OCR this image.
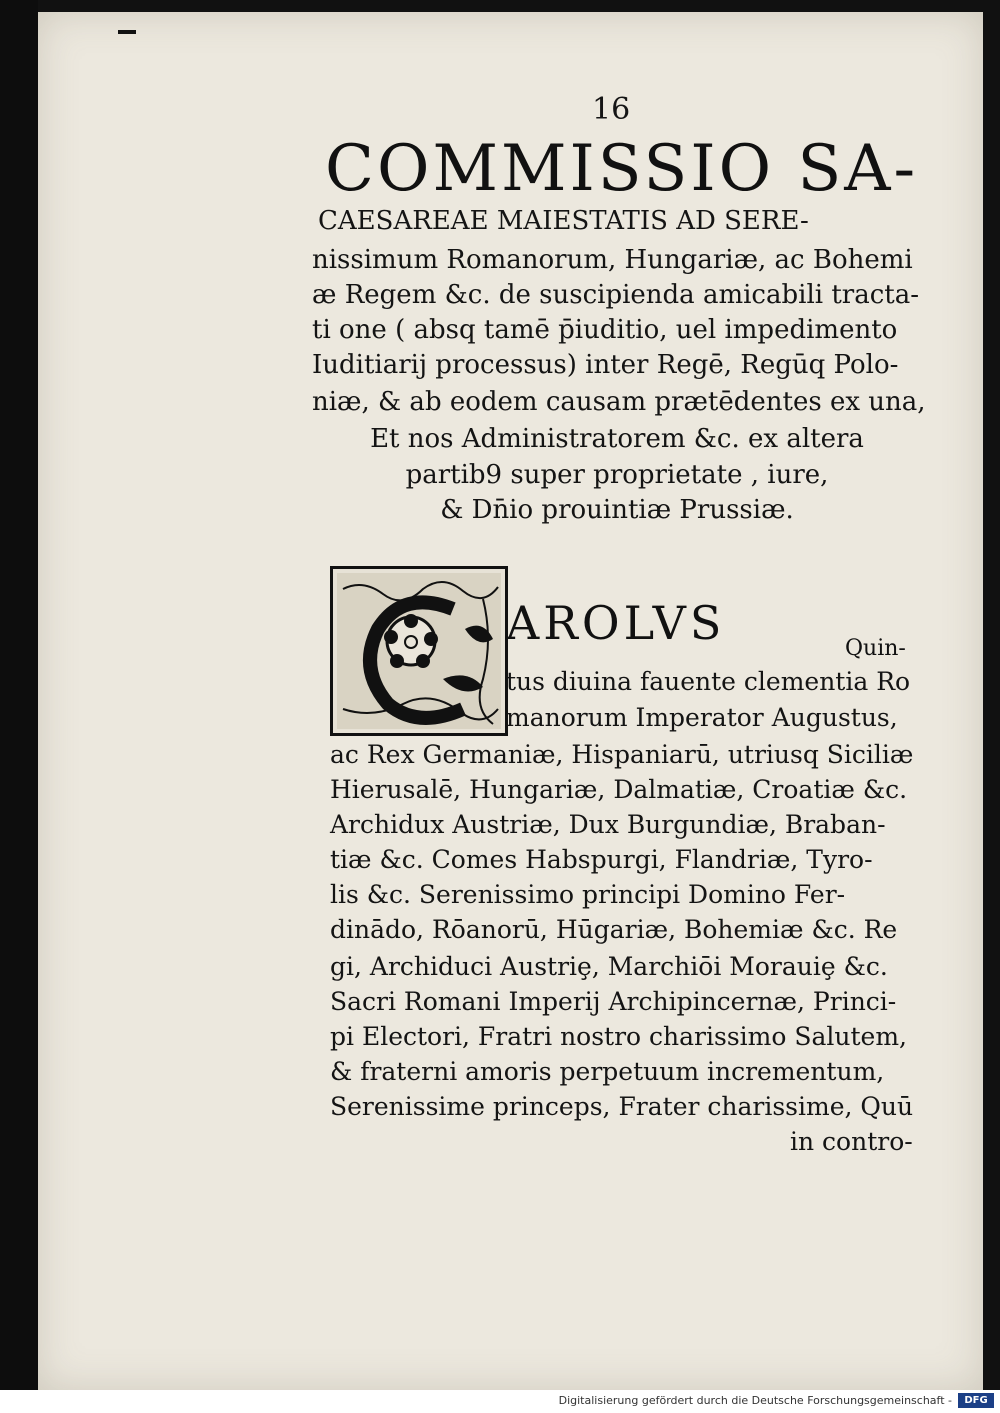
16
COMMISSIO SA-
CAESAREAE MAIESTATIS AD SERE-
nissimum Romanorum, Hungariæ, ac Bohemi
æ Regem &c. de suscipienda amicabili tracta-
ti one ( absq tamē p̄iuditio, uel impedimento
Iuditiarij processus) inter Regē, Regūq Polo-
niæ, & ab eodem causam prætēdentes ex una,
Et nos Administratorem &c. ex altera
partib9 super proprietate , iure,
& Dn̄io prouintiæ Prussiæ.
AROLVS	Quin-
tus diuina fauente clementia Ro
manorum Imperator Augustus,
ac Rex Germaniæ, Hispaniarū, utriusq Siciliæ
Hierusalē, Hungariæ, Dalmatiæ, Croatiæ &c.
Archidux Austriæ, Dux Burgundiæ, Braban-
tiæ &c. Comes Habspurgi, Flandriæ, Tyro-
lis &c. Serenissimo principi Domino Fer-
dinādo, Rōanorū, Hūgariæ, Bohemiæ &c. Re
gi, Archiduci Austriȩ, Marchiōi Morauiȩ &c.
Sacri Romani Imperij Archipincernæ, Princi-
pi Electori, Fratri nostro charissimo Salutem,
& fraterni amoris perpetuum incrementum,
Serenissime princeps, Frater charissime, Quū
in contro-
Digitalisierung gefördert durch die Deutsche Forschungsgemeinschaft -	DFG
